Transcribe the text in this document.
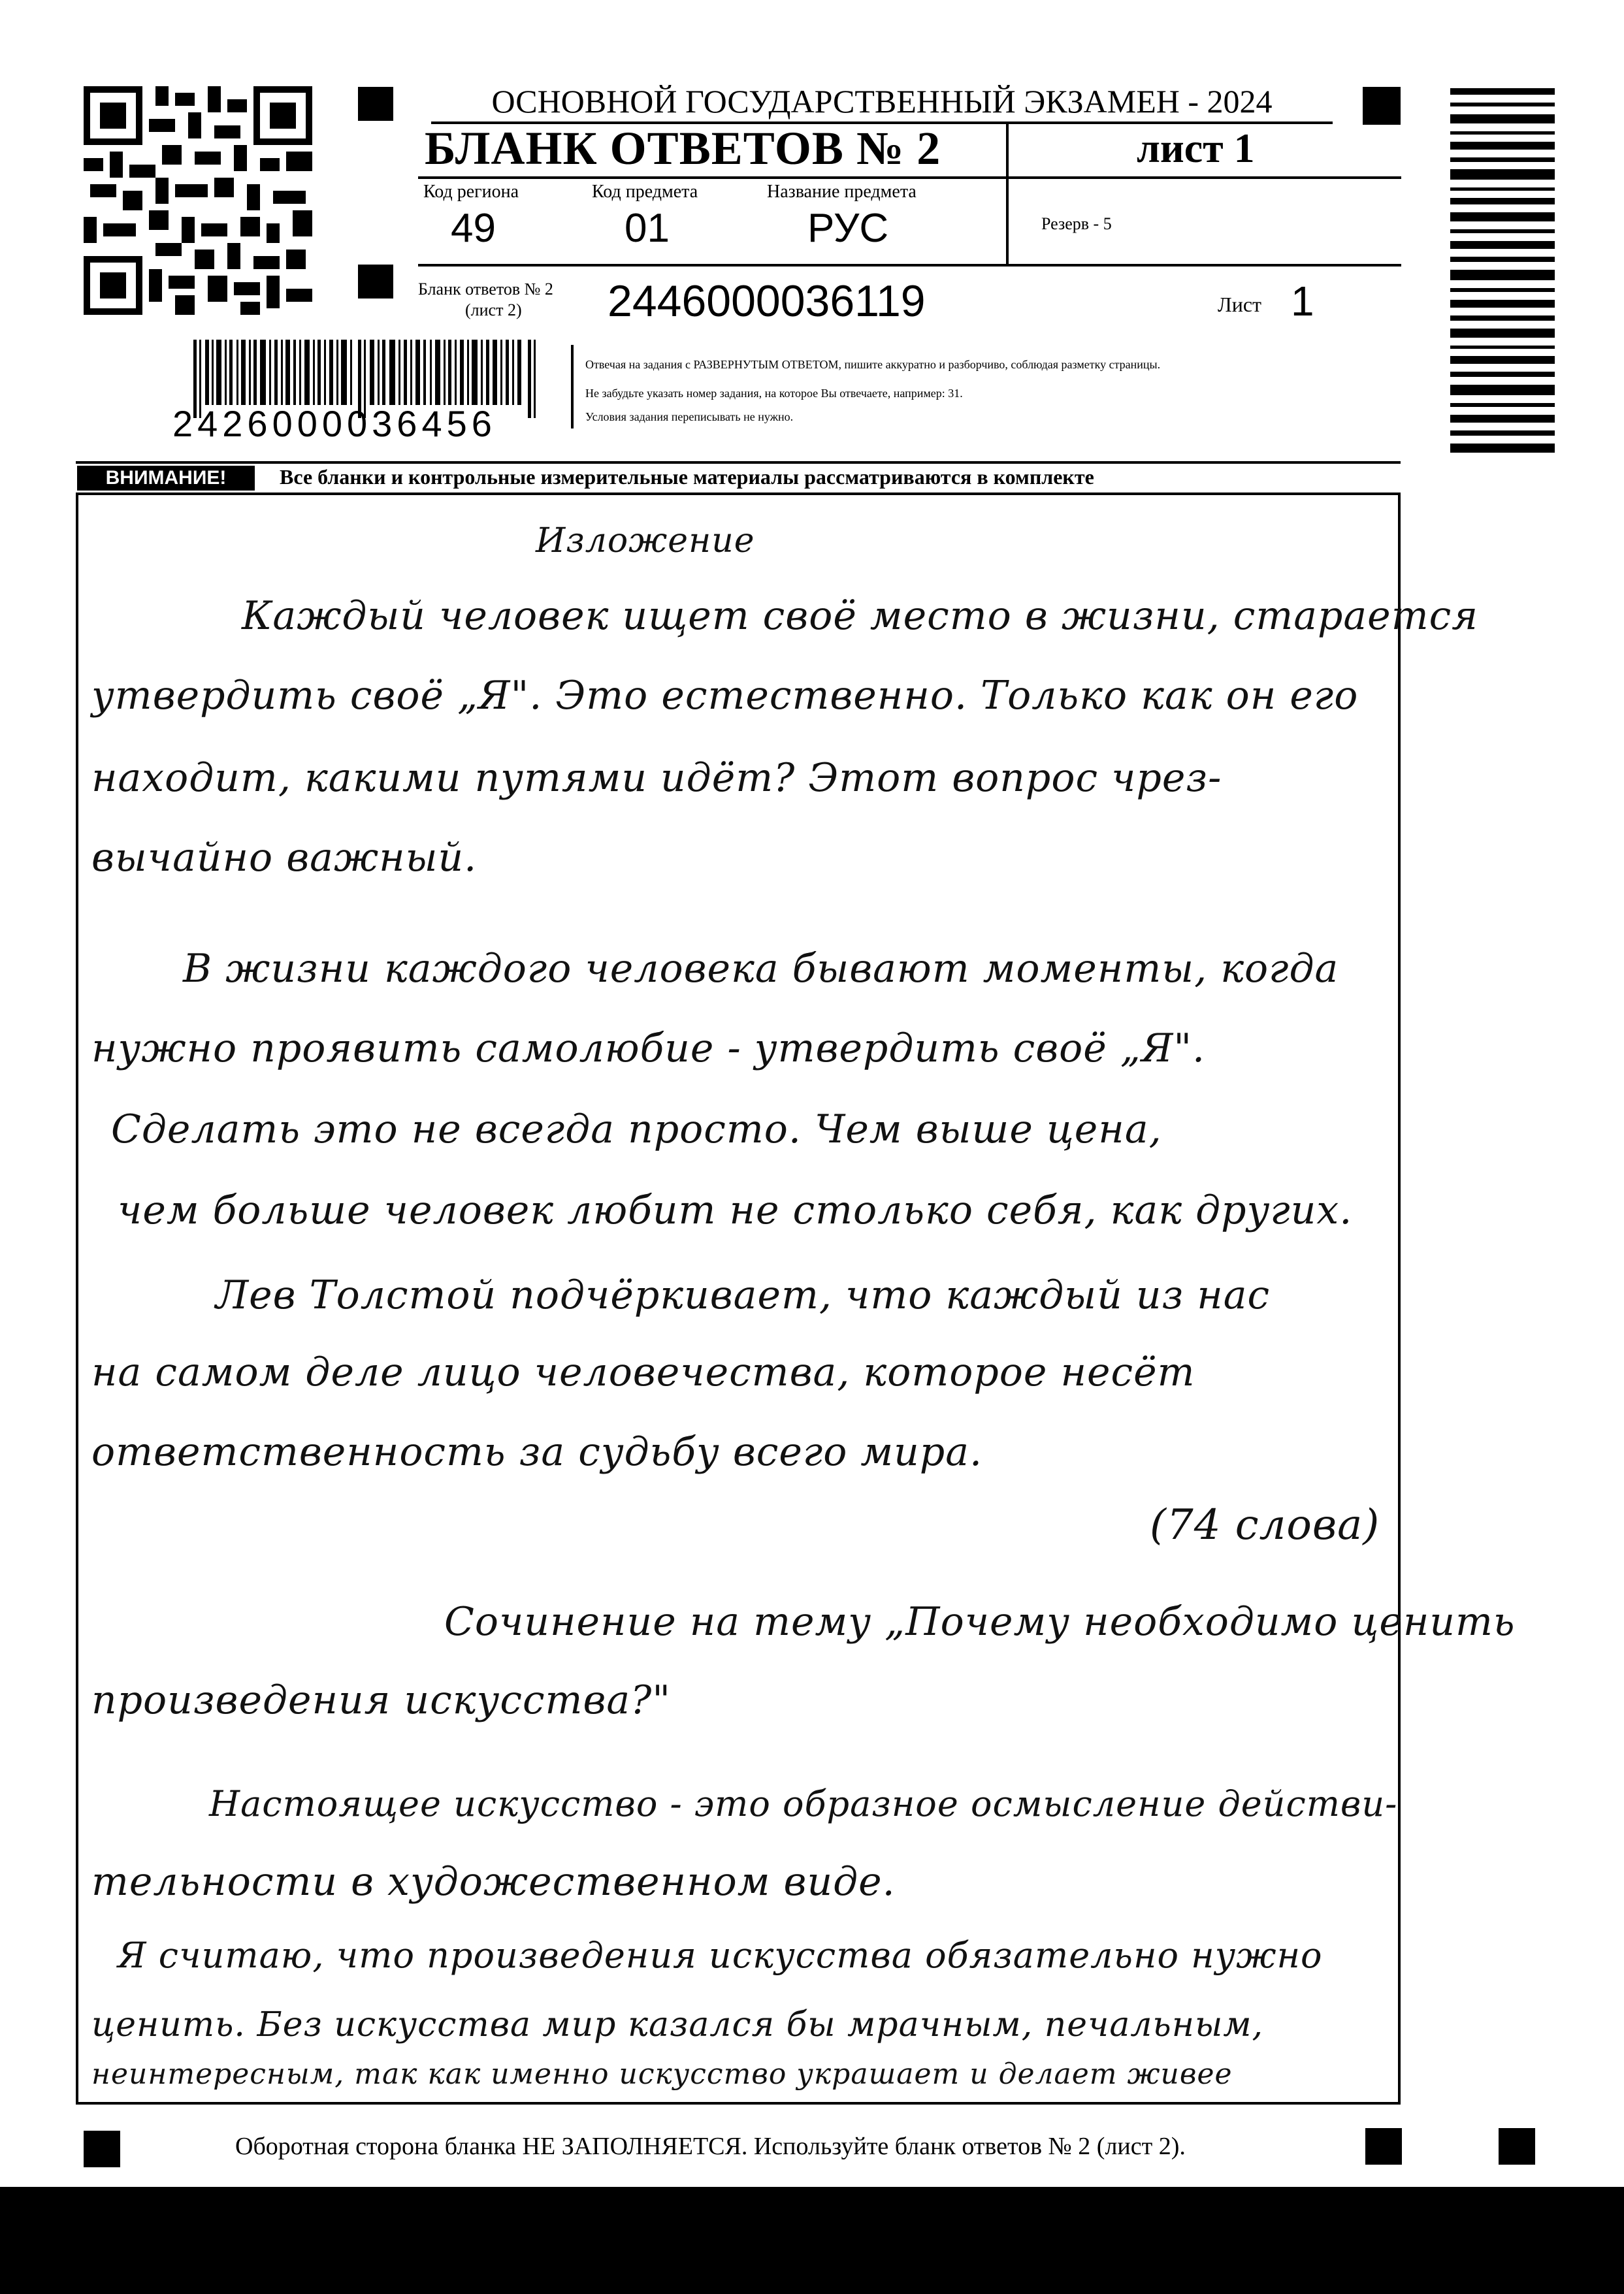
ОСНОВНОЙ ГОСУДАРСТВЕННЫЙ ЭКЗАМЕН - 2024
БЛАНК ОТВЕТОВ № 2	лист 1
Код региона
49
Код предмета
01
Название предмета
РУС	Резерв - 5
Бланк ответов № 2
(лист 2) 2446000036119	Лист 1
2426000036456
Отвечая на задания с РАЗВЕРНУТЫМ ОТВЕТОМ, пишите аккуратно и разборчиво, соблюдая разметку страницы.
Не забудьте указать номер задания, на которое Вы отвечаете, например: 31.
Условия задания переписывать не нужно.
ВНИМАНИЕ!	Все бланки и контрольные измерительные материалы рассматриваются в комплекте
Изложение
Каждый человек ищет своё место в жизни, старается
утвердить своё „Я". Это естественно. Только как он его
находит, какими путями идёт? Этот вопрос чрез-
вычайно важный.
В жизни каждого человека бывают моменты, когда
нужно проявить самолюбие - утвердить своё „Я".
Сделать это не всегда просто. Чем выше цена,
чем больше человек любит не столько себя, как других.
Лев Толстой подчёркивает, что каждый из нас
на самом деле лицо человечества, которое несёт
ответственность за судьбу всего мира.
(74 слова)
Сочинение на тему „Почему необходимо ценить
произведения искусства?"
Настоящее искусство - это образное осмысление действи-
тельности в художественном виде.
Я считаю, что произведения искусства обязательно нужно
ценить. Без искусства мир казался бы мрачным, печальным,
неинтересным, так как именно искусство украшает и делает живее
Оборотная сторона бланка НЕ ЗАПОЛНЯЕТСЯ. Используйте бланк ответов № 2 (лист 2).
